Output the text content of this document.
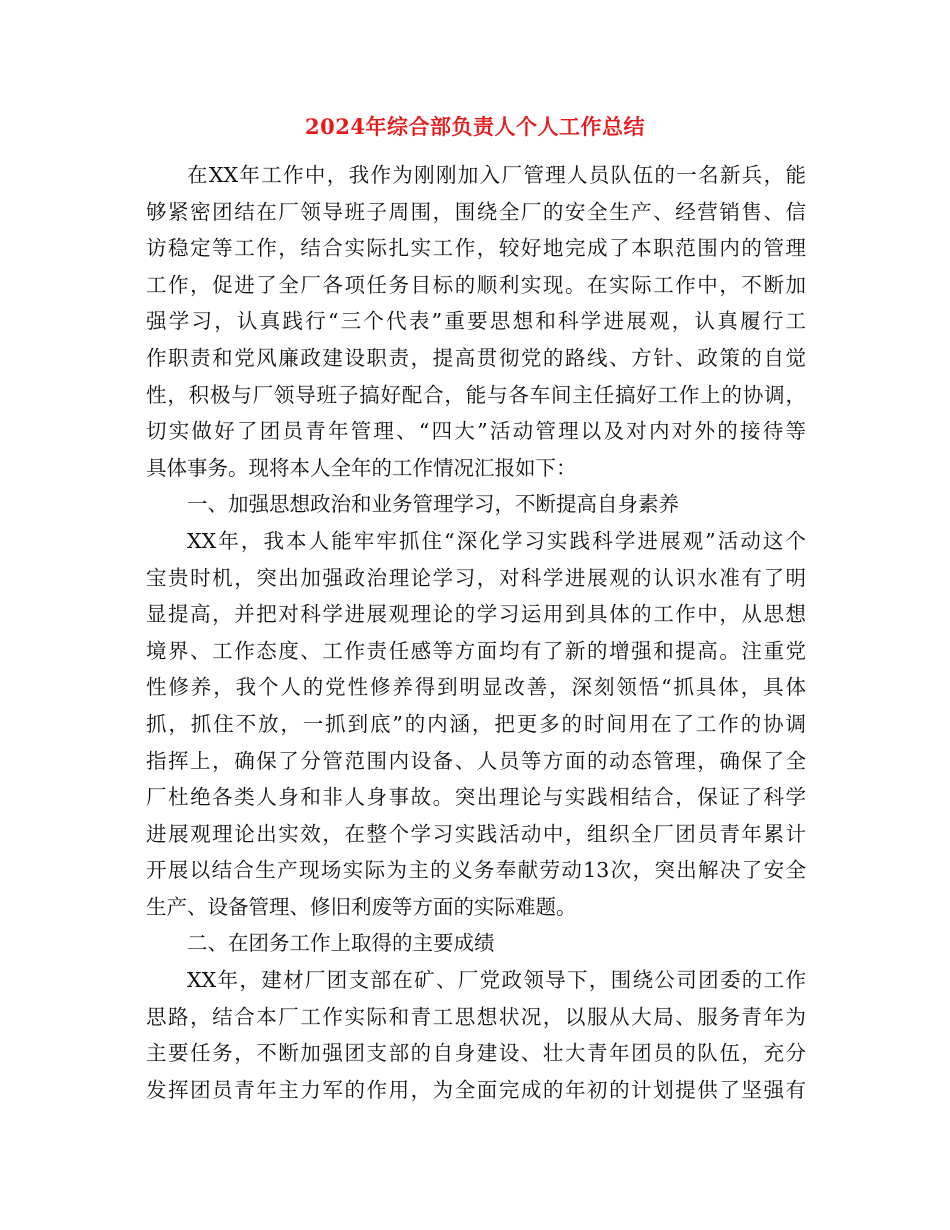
2024年综合部负责人个人工作总结
在XX年工作中，我作为刚刚加入厂管理人员队伍的一名新兵，能
够紧密团结在厂领导班子周围，围绕全厂的安全生产、经营销售、信
访稳定等工作，结合实际扎实工作，较好地完成了本职范围内的管理
工作，促进了全厂各项任务目标的顺利实现。在实际工作中，不断加
强学习，认真践行“三个代表”重要思想和科学进展观，认真履行工
作职责和党风廉政建设职责，提高贯彻党的路线、方针、政策的自觉
性，积极与厂领导班子搞好配合，能与各车间主任搞好工作上的协调，
切实做好了团员青年管理、“四大”活动管理以及对内对外的接待等
具体事务。现将本人全年的工作情况汇报如下：
一、加强思想政治和业务管理学习，不断提高自身素养
XX年，我本人能牢牢抓住“深化学习实践科学进展观”活动这个
宝贵时机，突出加强政治理论学习，对科学进展观的认识水准有了明
显提高，并把对科学进展观理论的学习运用到具体的工作中，从思想
境界、工作态度、工作责任感等方面均有了新的增强和提高。注重党
性修养，我个人的党性修养得到明显改善，深刻领悟“抓具体，具体
抓，抓住不放，一抓到底”的内涵，把更多的时间用在了工作的协调
指挥上，确保了分管范围内设备、人员等方面的动态管理，确保了全
厂杜绝各类人身和非人身事故。突出理论与实践相结合，保证了科学
进展观理论出实效，在整个学习实践活动中，组织全厂团员青年累计
开展以结合生产现场实际为主的义务奉献劳动13次，突出解决了安全
生产、设备管理、修旧利废等方面的实际难题。
二、在团务工作上取得的主要成绩
XX年，建材厂团支部在矿、厂党政领导下，围绕公司团委的工作
思路，结合本厂工作实际和青工思想状况，以服从大局、服务青年为
主要任务，不断加强团支部的自身建设、壮大青年团员的队伍，充分
发挥团员青年主力军的作用，为全面完成的年初的计划提供了坚强有
